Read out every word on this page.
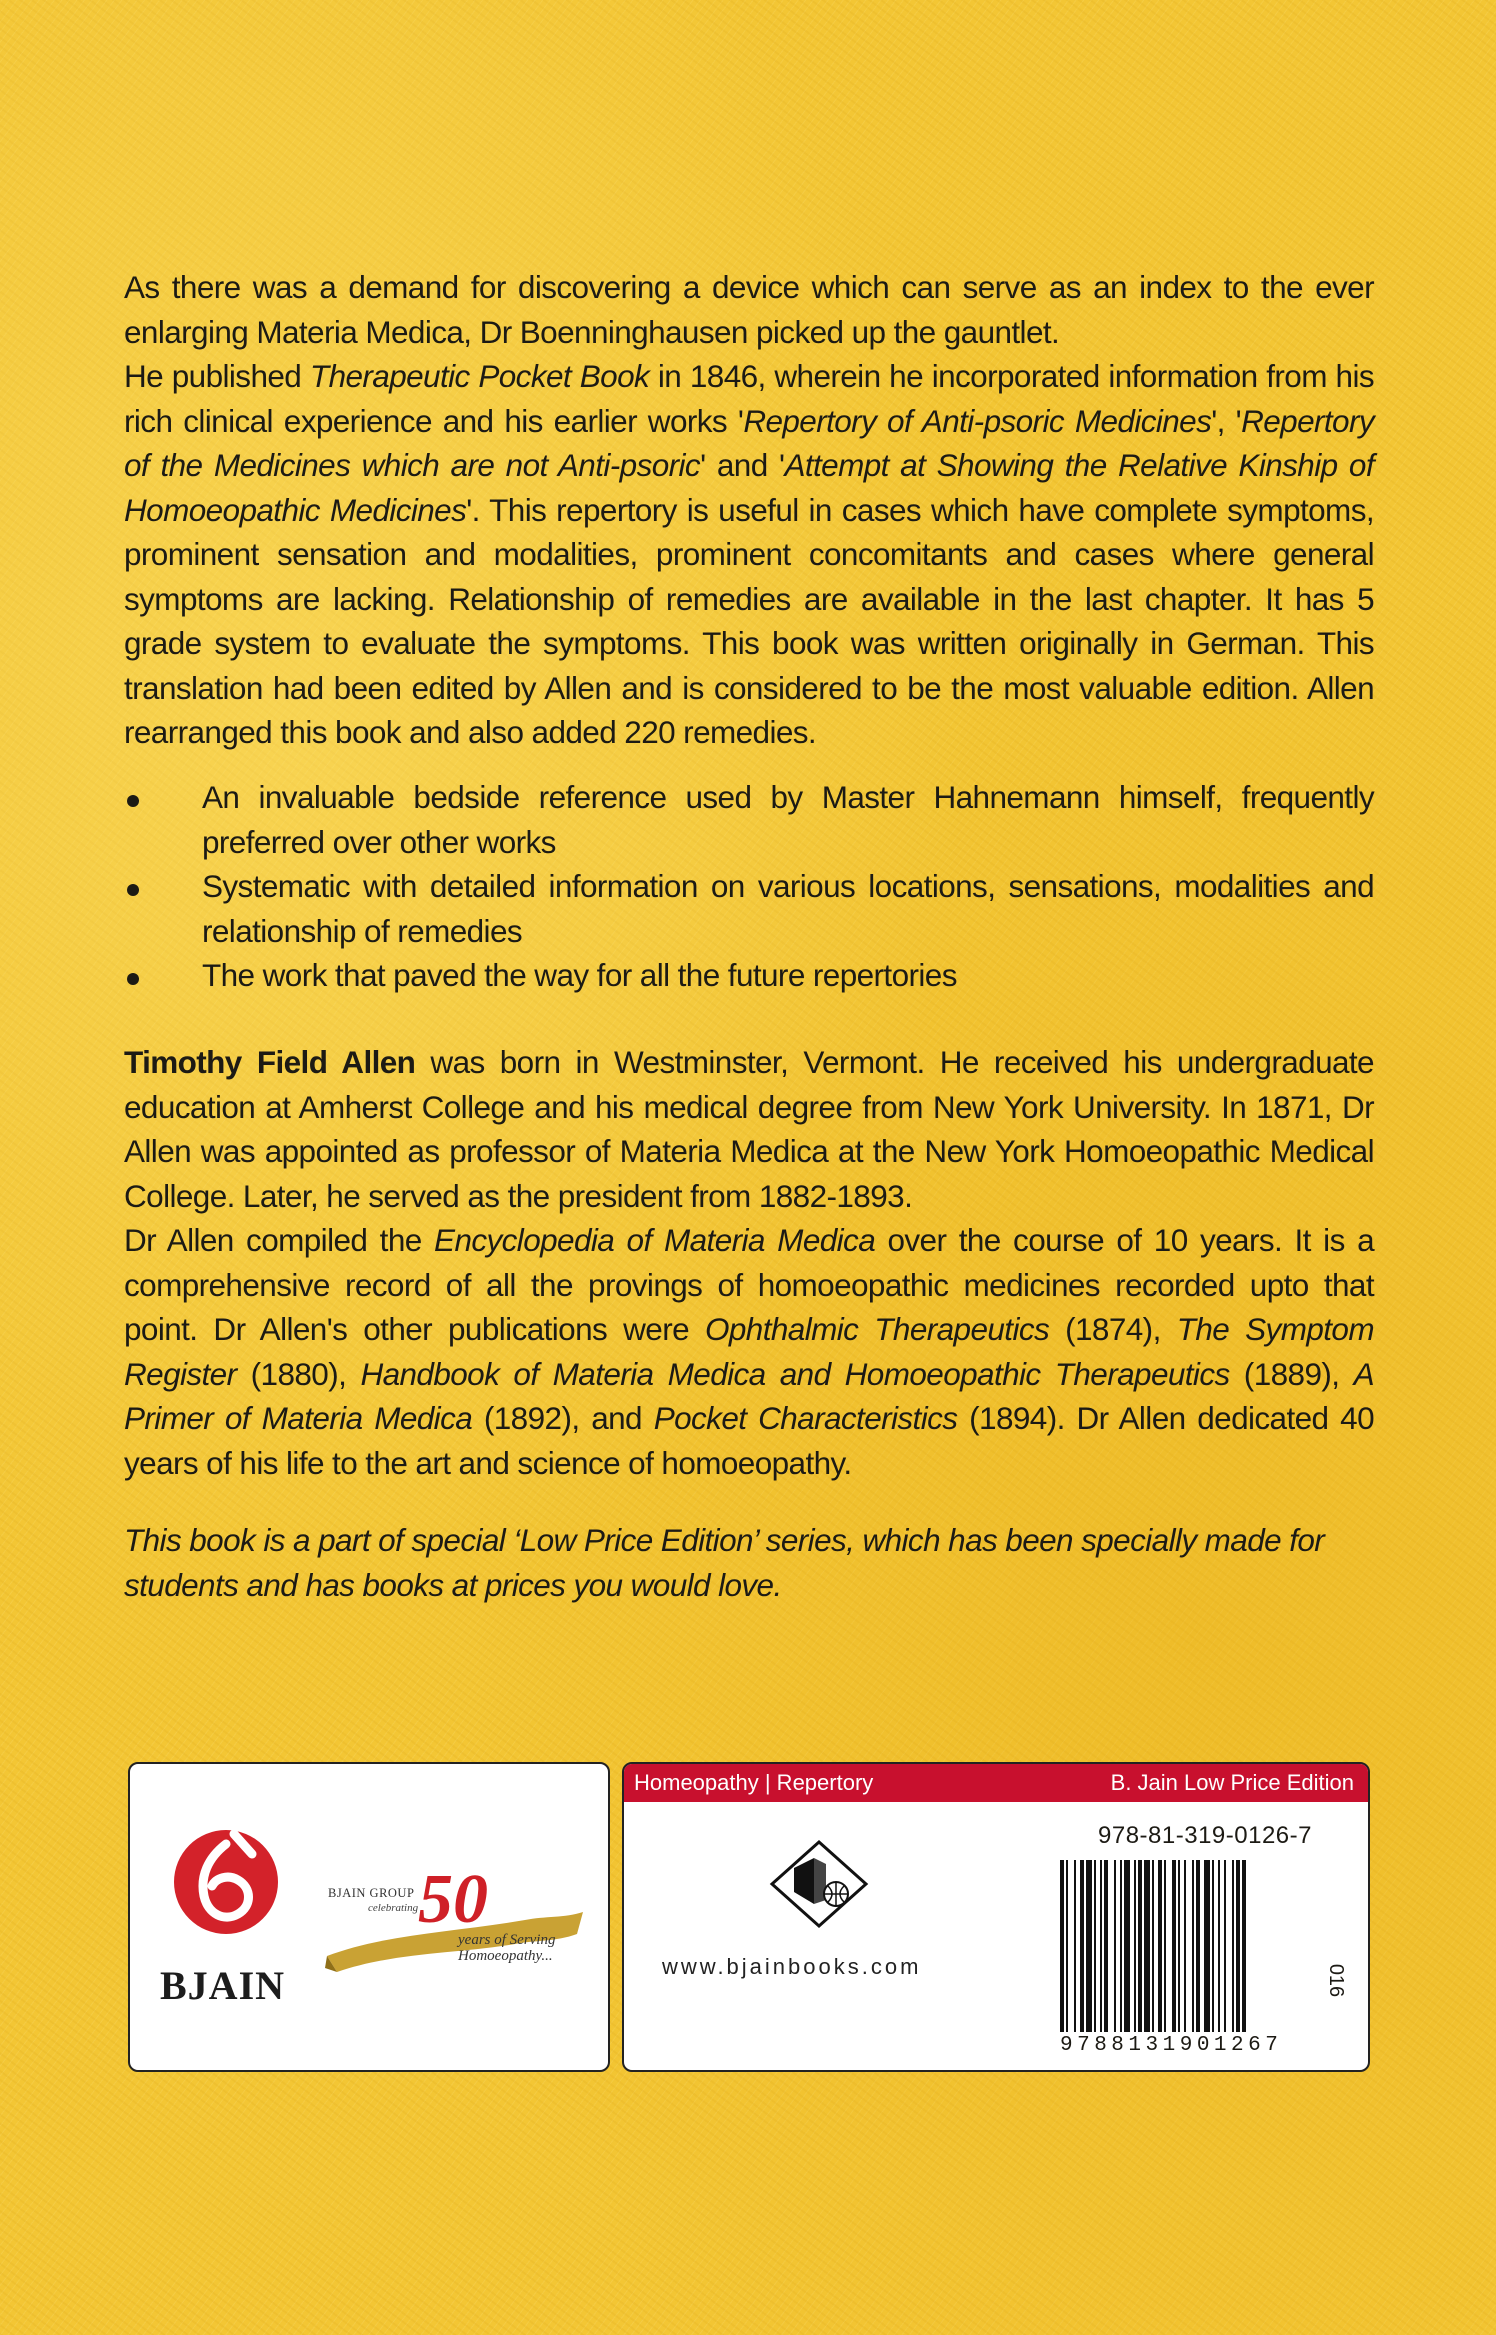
As there was a demand for discovering a device which can serve as an index to the ever enlarging Materia Medica, Dr Boenninghausen picked up the gauntlet.

He published Therapeutic Pocket Book in 1846, wherein he incorporated information from his rich clinical experience and his earlier works 'Repertory of Anti-psoric Medicines', 'Repertory of the Medicines which are not Anti-psoric' and 'Attempt at Showing the Relative Kinship of Homoeopathic Medicines'. This repertory is useful in cases which have complete symptoms, prominent sensation and modalities, prominent concomitants and cases where general symptoms are lacking. Relationship of remedies are available in the last chapter. It has 5 grade system to evaluate the symptoms. This book was written originally in German. This translation had been edited by Allen and is considered to be the most valuable edition. Allen rearranged this book and also added 220 remedies.

An invaluable bedside reference used by Master Hahnemann himself, frequently preferred over other works
Systematic with detailed information on various locations, sensations, modalities and relationship of remedies
The work that paved the way for all the future repertories

Timothy Field Allen was born in Westminster, Vermont. He received his undergraduate education at Amherst College and his medical degree from New York University. In 1871, Dr Allen was appointed as professor of Materia Medica at the New York Homoeopathic Medical College. Later, he served as the president from 1882-1893.

Dr Allen compiled the Encyclopedia of Materia Medica over the course of 10 years. It is a comprehensive record of all the provings of homoeopathic medicines recorded upto that point. Dr Allen's other publications were Ophthalmic Therapeutics (1874), The Symptom Register (1880), Handbook of Materia Medica and Homoeopathic Therapeutics (1889), A Primer of Materia Medica (1892), and Pocket Characteristics (1894). Dr Allen dedicated 40 years of his life to the art and science of homoeopathy.

This book is a part of special ‘Low Price Edition’ series, which has been specially made for students and has books at prices you would love.

BJAIN
BJAIN GROUP
celebrating 50
years of Serving
Homoeopathy...
Homeopathy | Repertory	B. Jain Low Price Edition
978-81-319-0126-7
www.bjainbooks.com
9788131901267
016
